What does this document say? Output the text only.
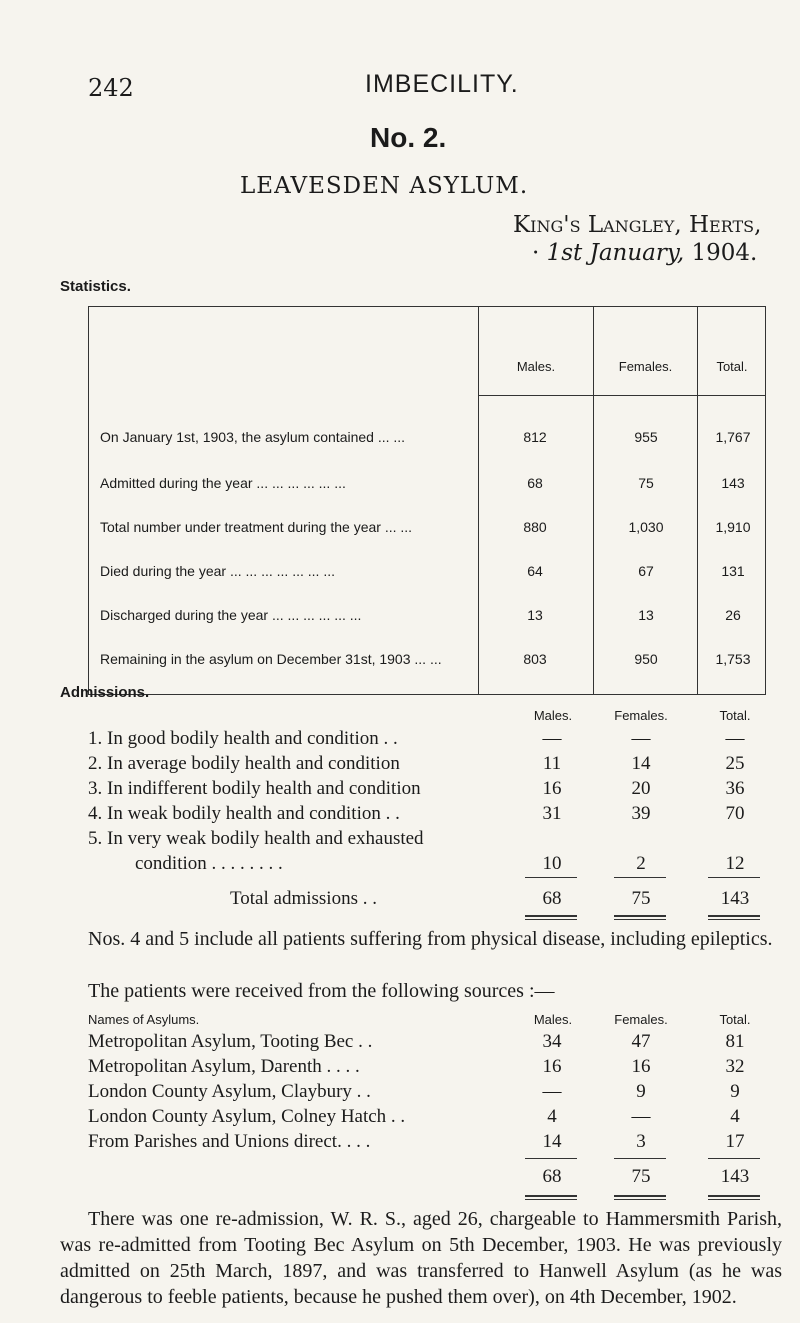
242	IMBECILITY.
No. 2.
LEAVESDEN ASYLUM.
King's Langley, Herts,
· 1st January, 1904.
Statistics.
Males.	Females.	Total.
On January 1st, 1903, the asylum contained ... ...	812	955	1,767
Admitted during the year ... ... ... ... ... ...	68	75	143
Total number under treatment during the year ... ...	880	1,030	1,910
Died during the year ... ... ... ... ... ... ...	64	67	131
Discharged during the year ... ... ... ... ... ...	13	13	26
Remaining in the asylum on December 31st, 1903 ... ...	803	950	1,753
Admissions.
Males.	Females.	Total.
1. In good bodily health and condition . .	—	—	—
2. In average bodily health and condition	11	14	25
3. In indifferent bodily health and condition	16	20	36
4. In weak bodily health and condition . .	31	39	70
5. In very weak bodily health and exhausted
condition . . . . . . . .	10	2	12
Total admissions . .	68	75	143
Nos. 4 and 5 include all patients suffering from physical disease, including epileptics.
The patients were received from the following sources :—
Names of Asylums.	Males.	Females.	Total.
Metropolitan Asylum, Tooting Bec . .	34	47	81
Metropolitan Asylum, Darenth . . . .	16	16	32
London County Asylum, Claybury . .	—	9	9
London County Asylum, Colney Hatch . .	4	—	4
From Parishes and Unions direct. . . .	14	3	17
68	75	143
There was one re-admission, W. R. S., aged 26, chargeable to Hammersmith Parish, was re-admitted from Tooting Bec Asylum on 5th December, 1903. He was previously admitted on 25th March, 1897, and was transferred to Hanwell Asylum (as he was dangerous to feeble patients, because he pushed them over), on 4th December, 1902.
